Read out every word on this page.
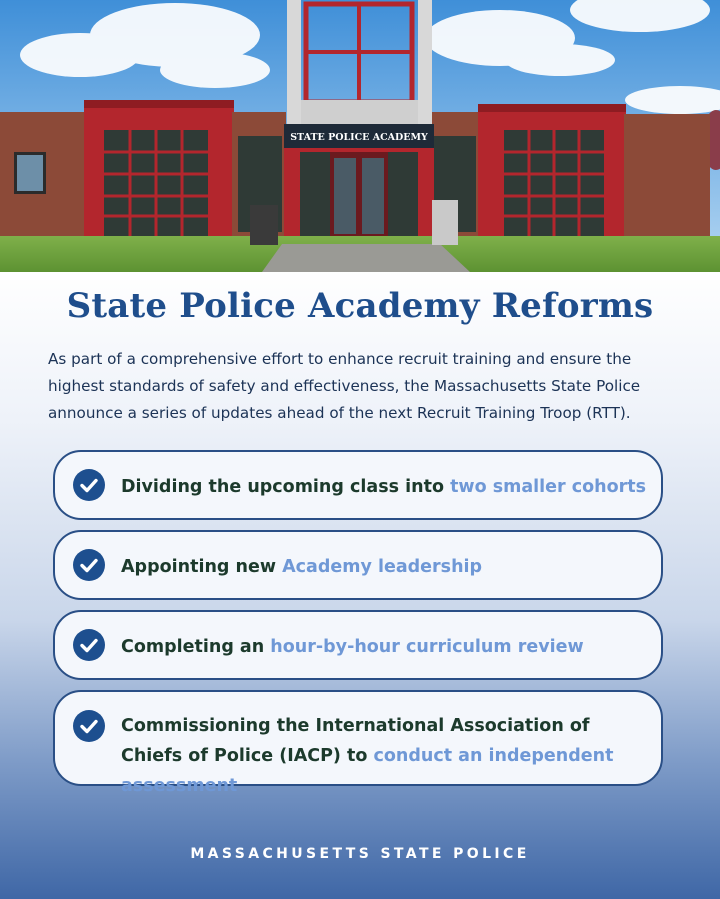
STATE POLICE ACADEMY
State Police Academy Reforms
As part of a comprehensive effort to enhance recruit training and ensure the highest standards of safety and effectiveness, the Massachusetts State Police announce a series of updates ahead of the next Recruit Training Troop (RTT).
Dividing the upcoming class into two smaller cohorts
Appointing new Academy leadership
Completing an hour-by-hour curriculum review
Commissioning the International Association of Chiefs of Police (IACP) to conduct an independent assessment
MASSACHUSETTS STATE POLICE
